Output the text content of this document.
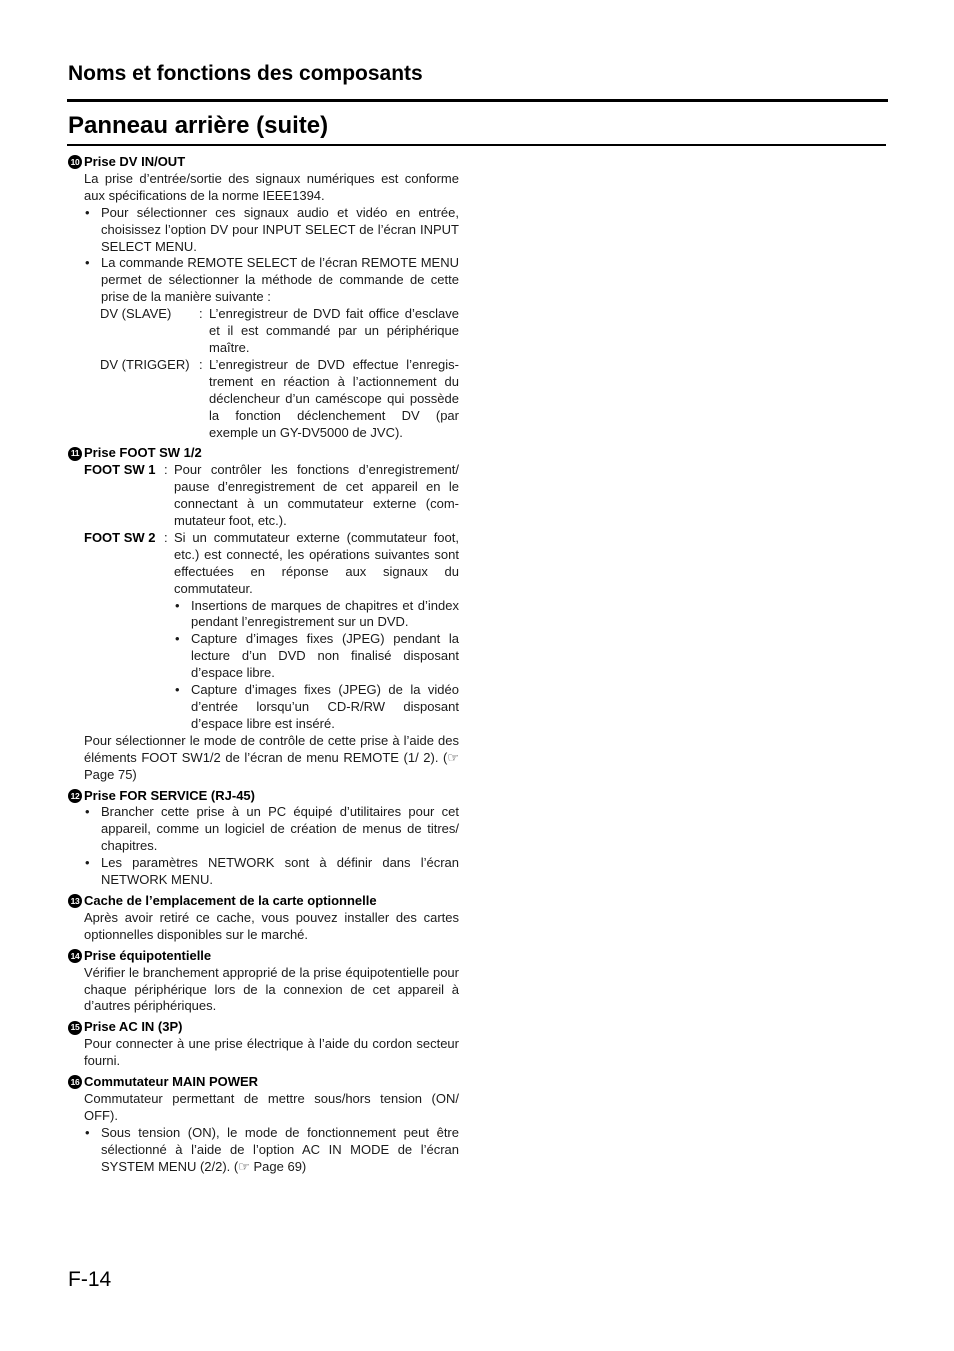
Noms et fonctions des composants
Panneau arrière (suite)
10 Prise DV IN/OUT

La prise d’entrée/sortie des signaux numériques est conforme aux spécifications de la norme IEEE1394.

• Pour sélectionner ces signaux audio et vidéo en entrée, choisissez l’option DV pour INPUT SELECT de l’écran INPUT SELECT MENU.
• La commande REMOTE SELECT de l’écran REMOTE MENU permet de sélectionner la méthode de commande de cette prise de la manière suivante :
DV (SLAVE)	: L’enregistreur de DVD fait office d’esclave et il est commandé par un périphérique maître.
DV (TRIGGER) : L’enregistreur de DVD effectue l’enregistrement en réaction à l’actionnement du déclencheur d’un caméscope qui possède la fonction déclenchement DV (par exemple un GY-DV5000 de JVC).
11 Prise FOOT SW 1/2
FOOT SW 1 : Pour contrôler les fonctions d’enregistrement/ pause d’enregistrement de cet appareil en le connectant à un commutateur externe (commutateur foot, etc.).
FOOT SW 2 : Si un commutateur externe (commutateur foot, etc.) est connecté, les opérations suivantes sont effectuées en réponse aux signaux du commutateur.
• Insertions de marques de chapitres et d’index pendant l’enregistrement sur un DVD.
• Capture d’images fixes (JPEG) pendant la lecture d’un DVD non finalisé disposant d’espace libre.
• Capture d’images fixes (JPEG) de la vidéo d’entrée lorsqu’un CD-R/RW disposant d’espace libre est inséré.

Pour sélectionner le mode de contrôle de cette prise à l’aide des éléments FOOT SW1/2 de l’écran de menu REMOTE (1/ 2). (☞ Page 75)

12 Prise FOR SERVICE (RJ-45)
• Brancher cette prise à un PC équipé d’utilitaires pour cet appareil, comme un logiciel de création de menus de titres/ chapitres.
• Les paramètres NETWORK sont à définir dans l’écran NETWORK MENU.
13 Cache de l’emplacement de la carte optionnelle

Après avoir retiré ce cache, vous pouvez installer des cartes optionnelles disponibles sur le marché.

14 Prise équipotentielle

Vérifier le branchement approprié de la prise équipotentielle pour chaque périphérique lors de la connexion de cet appareil à d’autres périphériques.

15 Prise AC IN (3P)

Pour connecter à une prise électrique à l’aide du cordon secteur fourni.

16 Commutateur MAIN POWER

Commutateur permettant de mettre sous/hors tension (ON/ OFF).

• Sous tension (ON), le mode de fonctionnement peut être sélectionné à l’aide de l’option AC IN MODE de l’écran SYSTEM MENU (2/2). (☞ Page 69)
F-14
